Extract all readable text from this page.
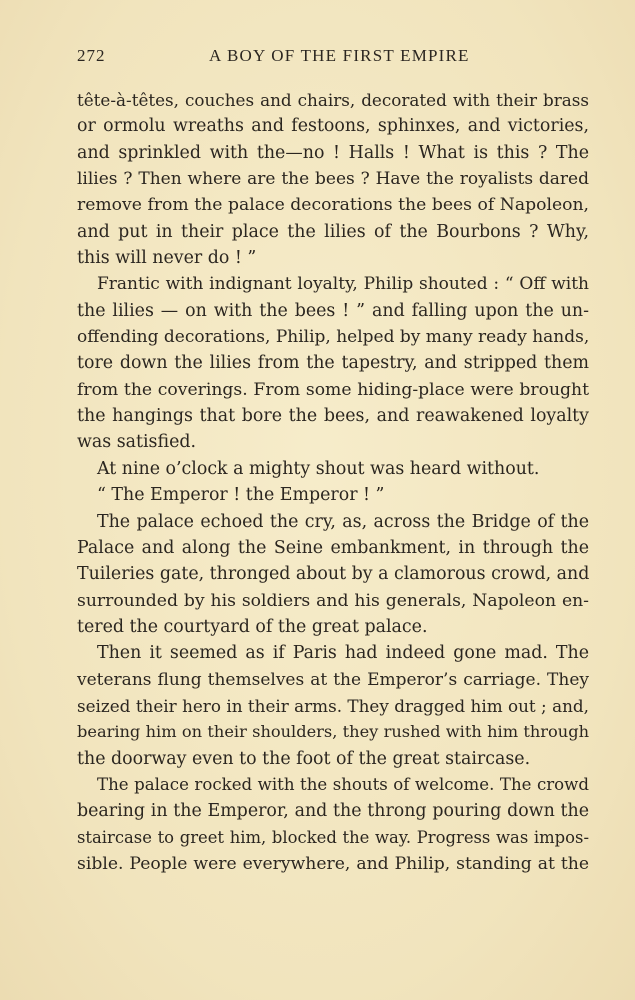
272	A BOY OF THE FIRST EMPIRE
tête-à-têtes, couches and chairs, decorated with their brass
or ormolu wreaths and festoons, sphinxes, and victories,
and sprinkled with the—no ! Halls ! What is this ? The
lilies ? Then where are the bees ? Have the royalists dared
remove from the palace decorations the bees of Napoleon,
and put in their place the lilies of the Bourbons ? Why,
this will never do ! ”
Frantic with indignant loyalty, Philip shouted : “ Off with
the lilies — on with the bees ! ” and falling upon the un-
offending decorations, Philip, helped by many ready hands,
tore down the lilies from the tapestry, and stripped them
from the coverings. From some hiding-place were brought
the hangings that bore the bees, and reawakened loyalty
was satisfied.
At nine o’clock a mighty shout was heard without.
“ The Emperor ! the Emperor ! ”
The palace echoed the cry, as, across the Bridge of the
Palace and along the Seine embankment, in through the
Tuileries gate, thronged about by a clamorous crowd, and
surrounded by his soldiers and his generals, Napoleon en-
tered the courtyard of the great palace.
Then it seemed as if Paris had indeed gone mad. The
veterans flung themselves at the Emperor’s carriage. They
seized their hero in their arms. They dragged him out ; and,
bearing him on their shoulders, they rushed with him through
the doorway even to the foot of the great staircase.
The palace rocked with the shouts of welcome. The crowd
bearing in the Emperor, and the throng pouring down the
staircase to greet him, blocked the way. Progress was impos-
sible. People were everywhere, and Philip, standing at the
